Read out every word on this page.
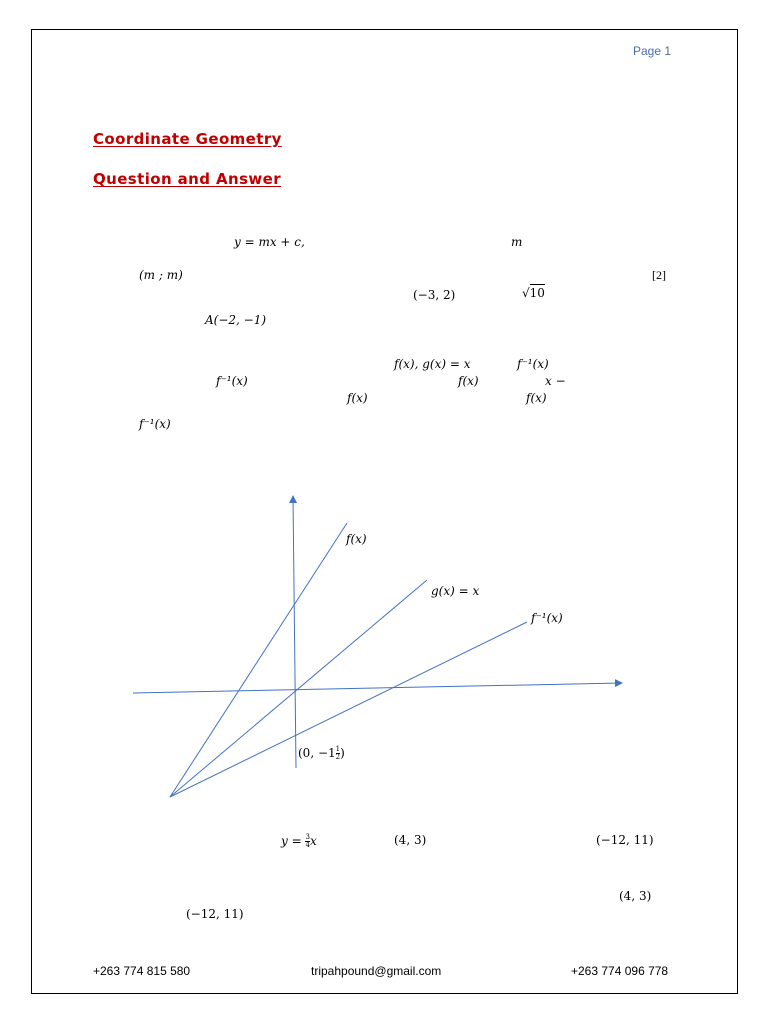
Page 1
Coordinate Geometry
Question and Answer
y = mx + c,	m
(m ; m)	[2]
(−3, 2)	√10
A(−2, −1)
f(x), g(x) = x	f⁻¹(x)
f⁻¹(x)	f(x)	x −
f(x)	f(x)
f⁻¹(x)
f(x)
g(x) = x
f⁻¹(x)
(0, $-1 \frac{1}{2}$ )
$y = \frac{3}{4}$ x	(4, 3)	(−12, 11)
(4, 3)
(−12, 11)
+263 774 815 580	tripahpound@gmail.com	+263 774 096 778
